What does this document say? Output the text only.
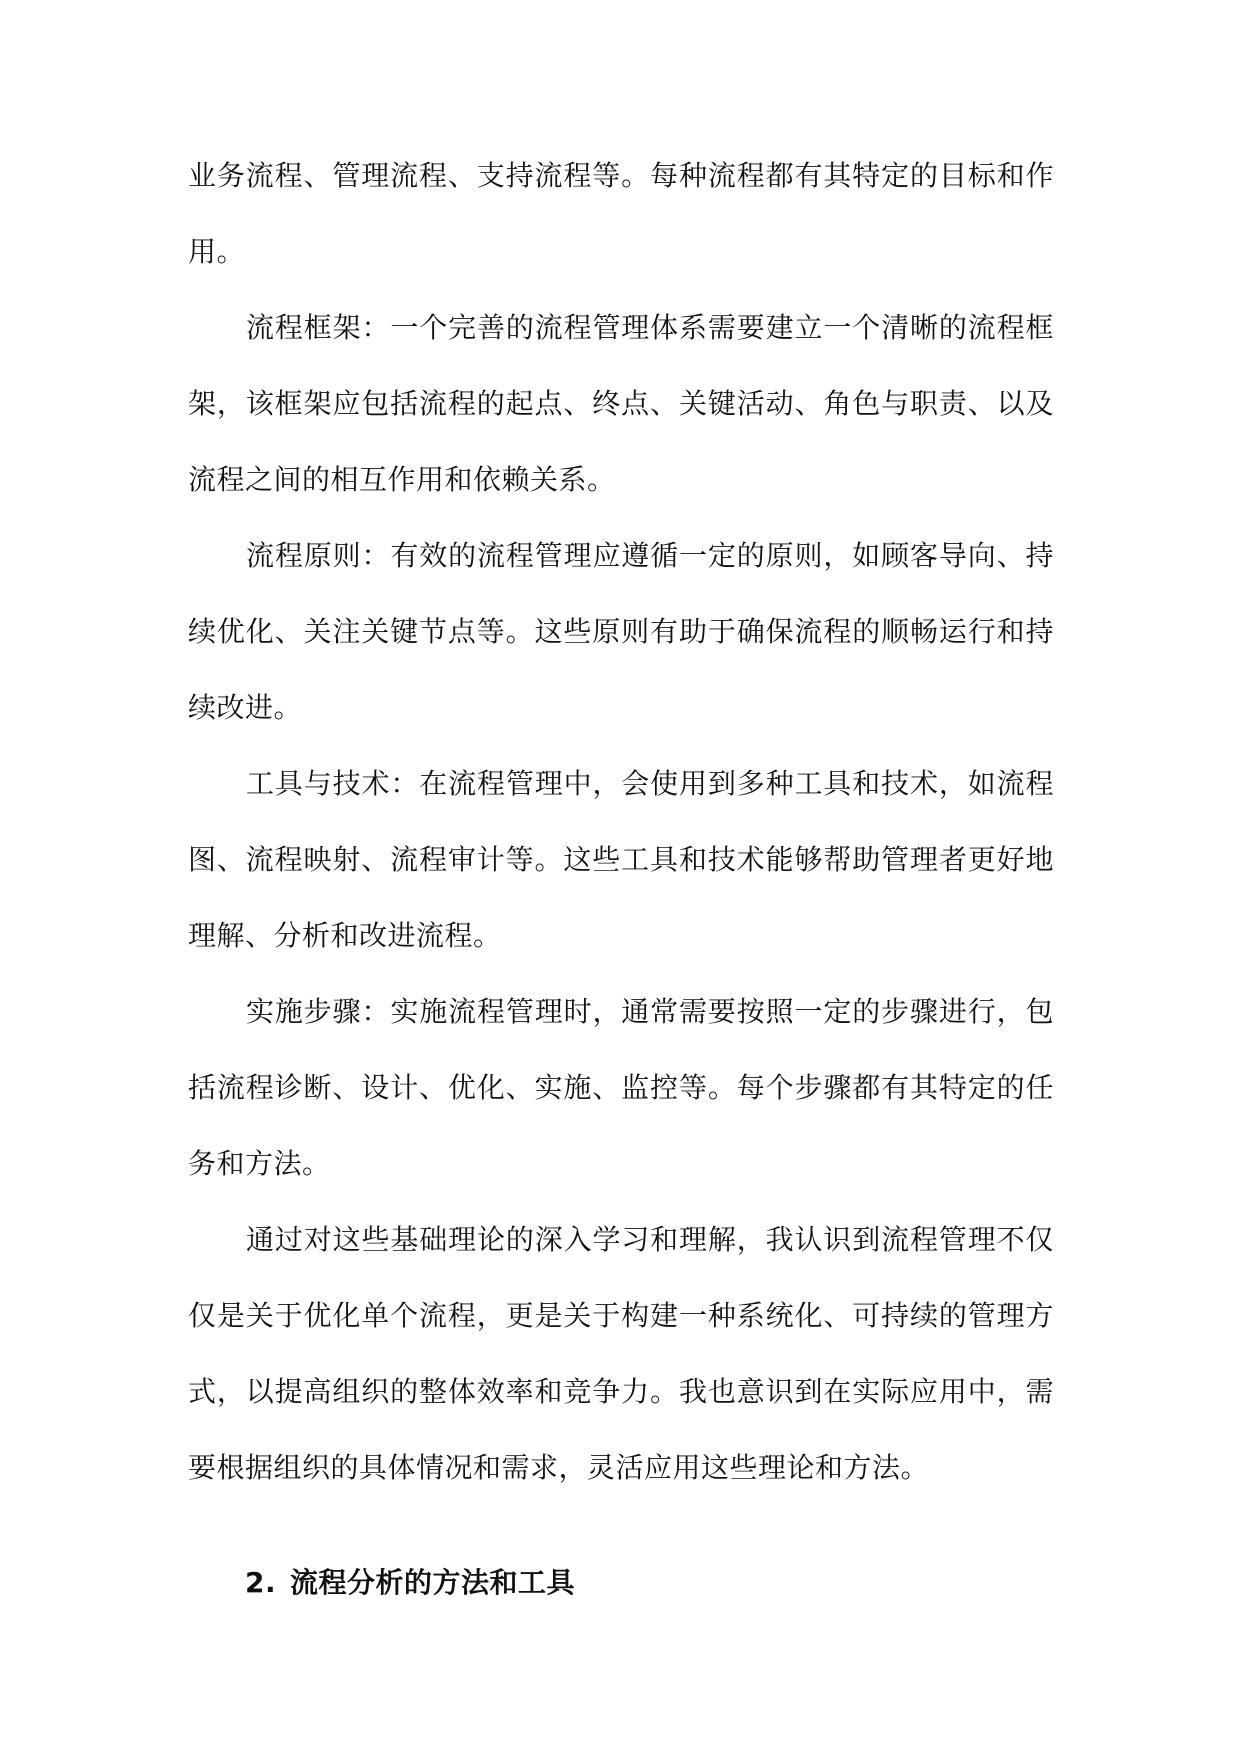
业务流程、管理流程、支持流程等。每种流程都有其特定的目标和作用。

流程框架：一个完善的流程管理体系需要建立一个清晰的流程框架，该框架应包括流程的起点、终点、关键活动、角色与职责、以及流程之间的相互作用和依赖关系。

流程原则：有效的流程管理应遵循一定的原则，如顾客导向、持续优化、关注关键节点等。这些原则有助于确保流程的顺畅运行和持续改进。

工具与技术：在流程管理中，会使用到多种工具和技术，如流程图、流程映射、流程审计等。这些工具和技术能够帮助管理者更好地理解、分析和改进流程。

实施步骤：实施流程管理时，通常需要按照一定的步骤进行，包括流程诊断、设计、优化、实施、监控等。每个步骤都有其特定的任务和方法。

通过对这些基础理论的深入学习和理解，我认识到流程管理不仅仅是关于优化单个流程，更是关于构建一种系统化、可持续的管理方式，以提高组织的整体效率和竞争力。我也意识到在实际应用中，需要根据组织的具体情况和需求，灵活应用这些理论和方法。

2. 流程分析的方法和工具
